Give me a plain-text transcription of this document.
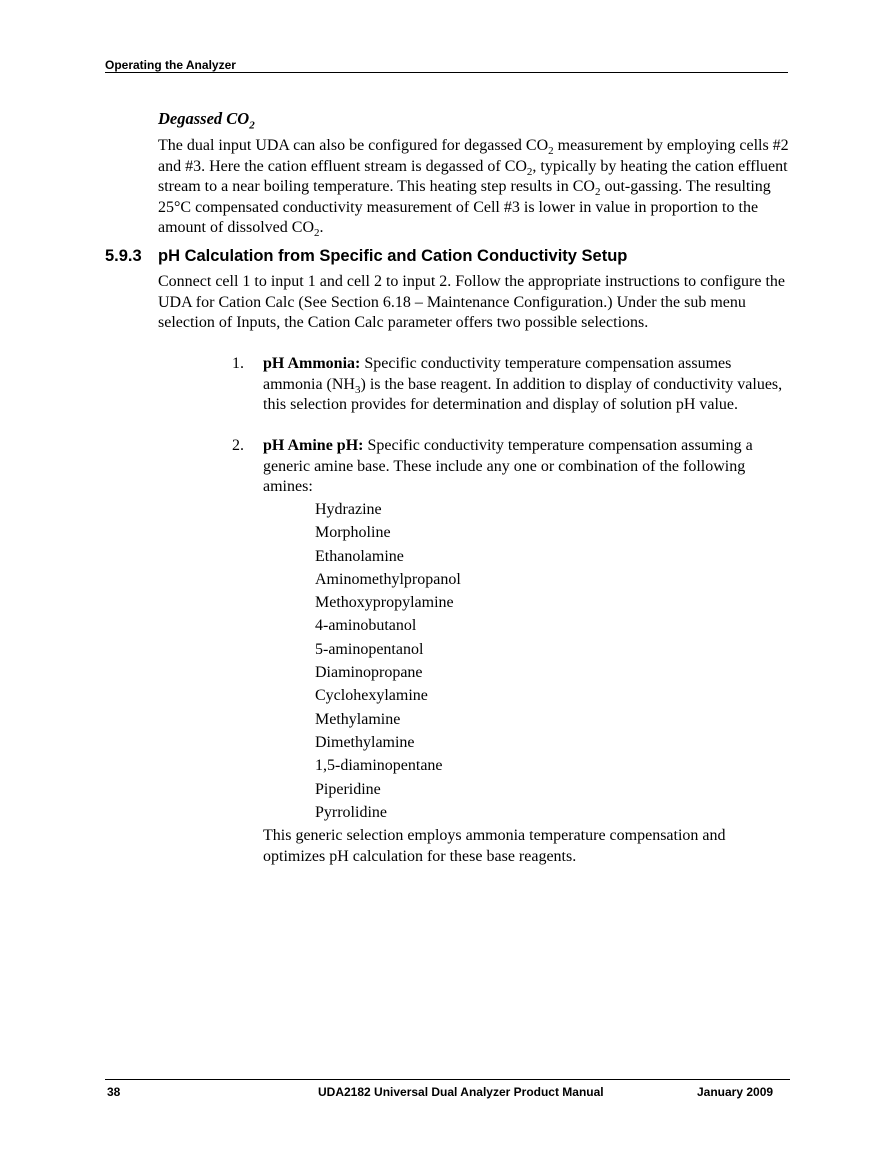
Operating the Analyzer
Degassed $CO_2$
The dual input UDA can also be configured for degassed $CO_2$ measurement by employing cells #2 and #3. Here the cation effluent stream is degassed of $CO_2$, typically by heating the cation effluent stream to a near boiling temperature. This heating step results in $CO_2$ out-gassing. The resulting 25°C compensated conductivity measurement of Cell #3 is lower in value in proportion to the amount of dissolved $CO_2$.
5.9.3 pH Calculation from Specific and Cation Conductivity Setup
Connect cell 1 to input 1 and cell 2 to input 2. Follow the appropriate instructions to configure the UDA for Cation Calc (See Section 6.18 – Maintenance Configuration.) Under the sub menu selection of Inputs, the Cation Calc parameter offers two possible selections.
1.	pH Ammonia: Specific conductivity temperature compensation assumes ammonia $(NH_3)$ is the base reagent. In addition to display of conductivity values, this selection provides for determination and display of solution pH value.
2.	pH Amine pH: Specific conductivity temperature compensation assuming a generic amine base. These include any one or combination of the following amines:
Hydrazine
Morpholine
Ethanolamine
Aminomethylpropanol
Methoxypropylamine
4-aminobutanol
5-aminopentanol
Diaminopropane
Cyclohexylamine
Methylamine
Dimethylamine
1,5-diaminopentane
Piperidine
Pyrrolidine
This generic selection employs ammonia temperature compensation and optimizes pH calculation for these base reagents.
38	UDA2182 Universal Dual Analyzer Product Manual	January 2009
